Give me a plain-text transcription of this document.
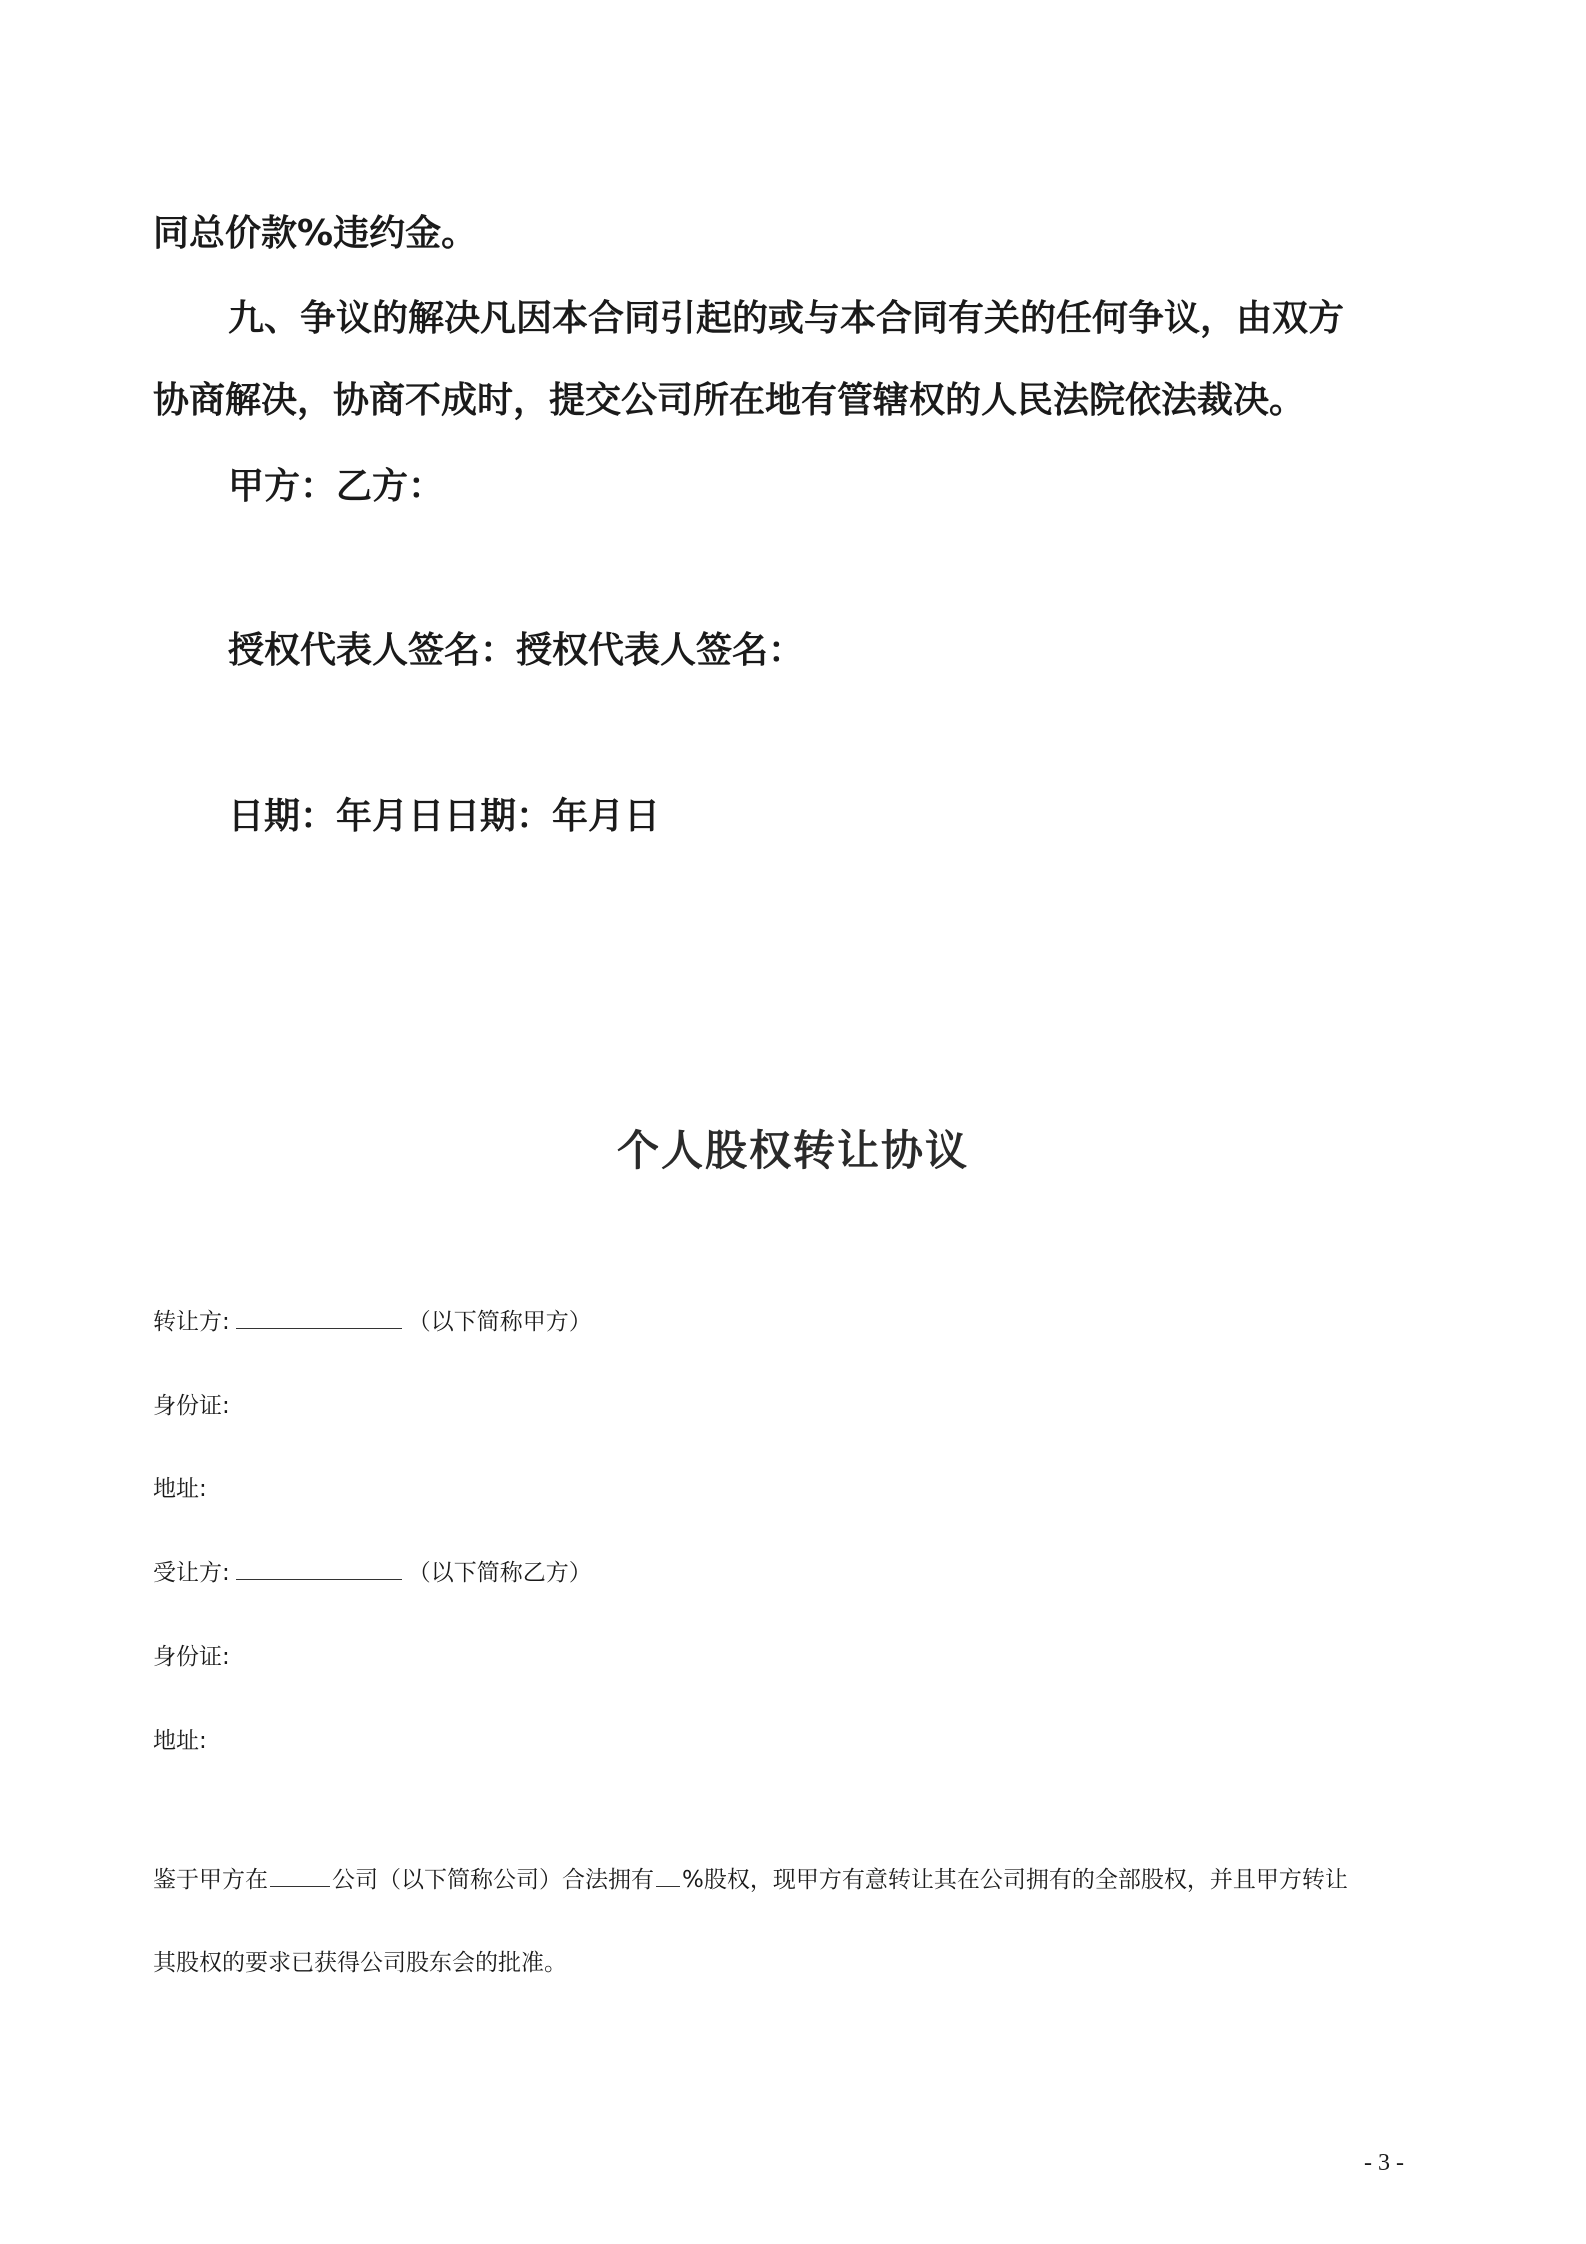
同总价款%违约金。
九、争议的解决凡因本合同引起的或与本合同有关的任何争议，由双方
协商解决，协商不成时，提交公司所在地有管辖权的人民法院依法裁决。
甲方：乙方：
授权代表人签名：授权代表人签名：
日期：年月日日期：年月日
个人股权转让协议
转让方:	（以下简称甲方）
身份证:
地址:
受让方:	（以下简称乙方）
身份证:
地址:
鉴于甲方在	公司（以下简称公司）合法拥有 %股权，现甲方有意转让其在公司拥有的全部股权，并且甲方转让
其股权的要求已获得公司股东会的批准。
- 3 -
